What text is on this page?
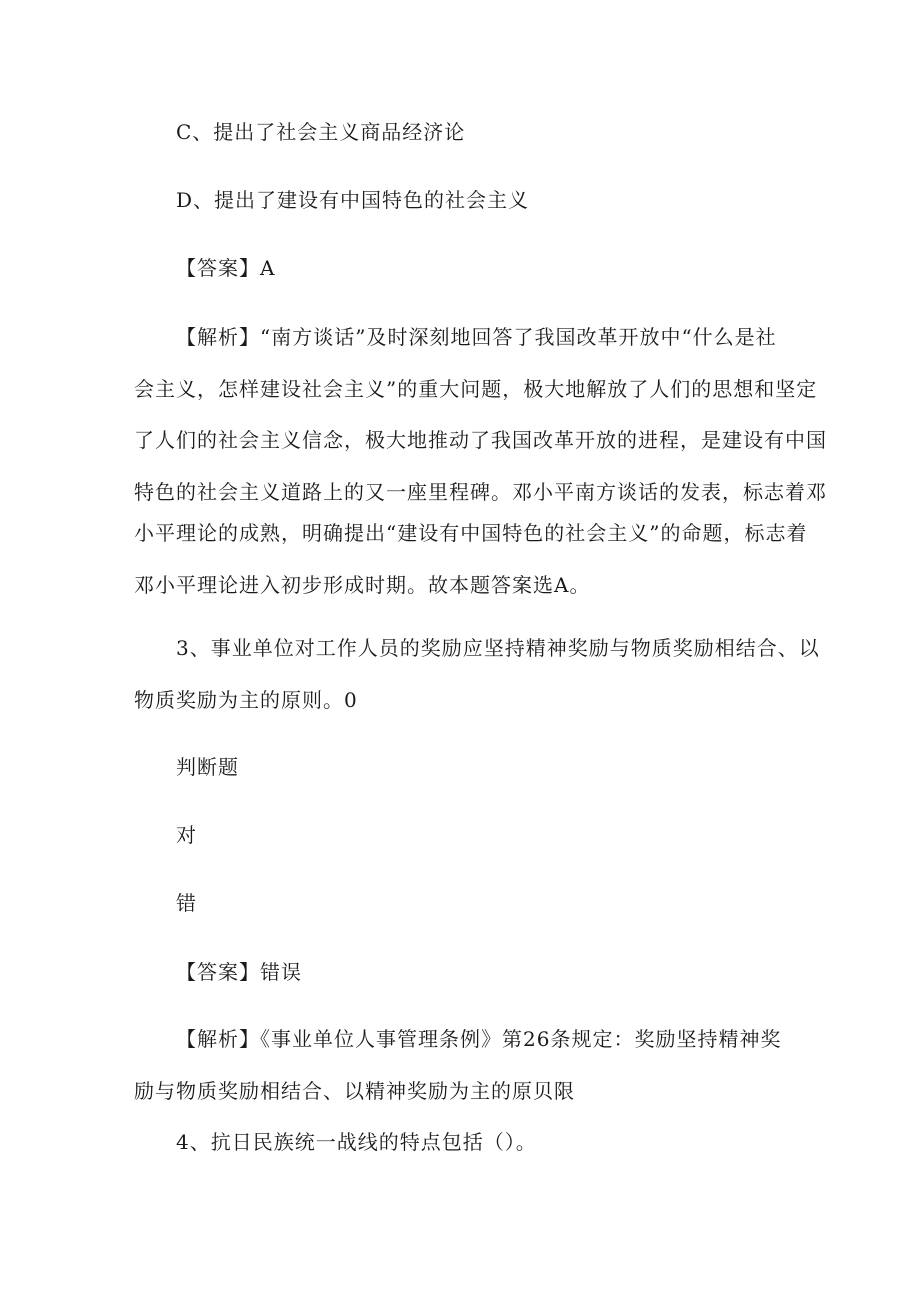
C、提出了社会主义商品经济论
D、提出了建设有中国特色的社会主义
【答案】A
【解析】“南方谈话”及时深刻地回答了我国改革开放中“什么是社
会主义，怎样建设社会主义”的重大问题，极大地解放了人们的思想和坚定
了人们的社会主义信念，极大地推动了我国改革开放的进程，是建设有中国
特色的社会主义道路上的又一座里程碑。邓小平南方谈话的发表，标志着邓
小平理论的成熟，明确提出“建设有中国特色的社会主义”的命题，标志着
邓小平理论进入初步形成时期。故本题答案选A。
3、事业单位对工作人员的奖励应坚持精神奖励与物质奖励相结合、以
物质奖励为主的原则。0
判断题
对
错
【答案】错误
【解析】《事业单位人事管理条例》第26条规定：奖励坚持精神奖
励与物质奖励相结合、以精神奖励为主的原贝限
4、抗日民族统一战线的特点包括（）。
